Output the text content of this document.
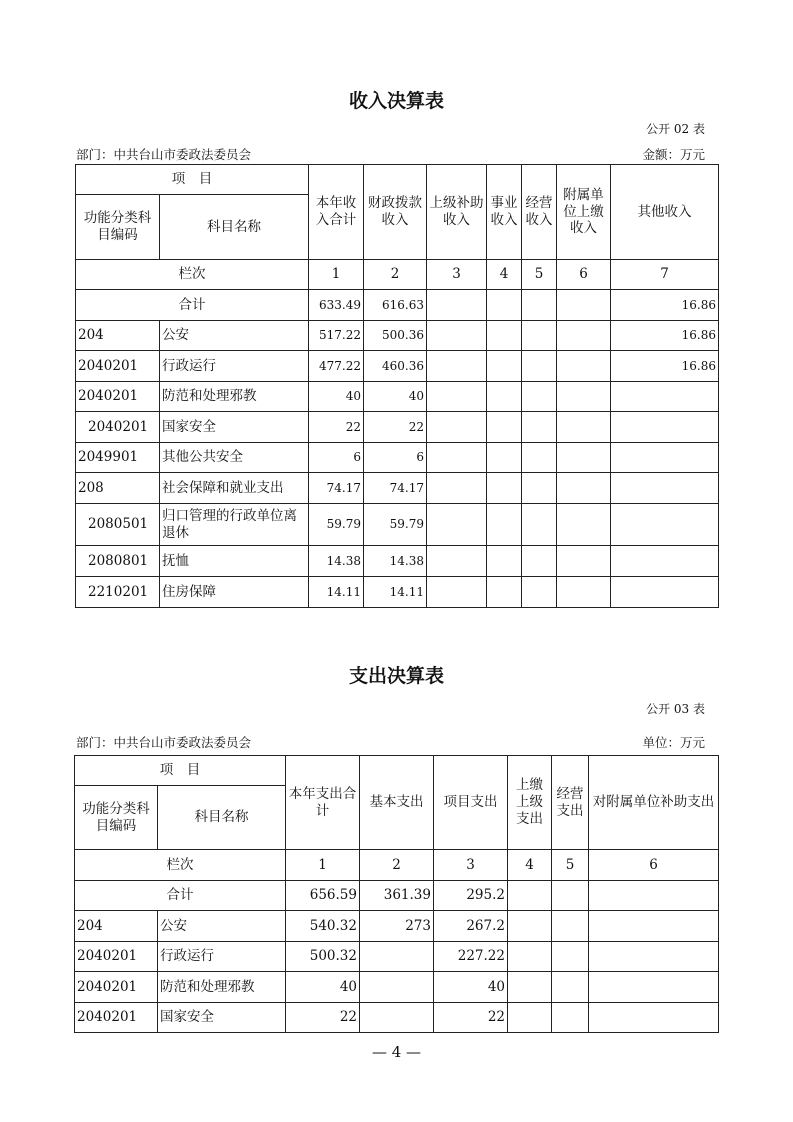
收入决算表
公开 02 表
部门：中共台山市委政法委员会	金额：万元
项　目		本年收入合计	财政拨款收入	上级补助收入	事业收入	经营收入	附属单位上缴收入	其他收入
功能分类科目编码	科目名称							
栏次		1	2	3	4	5	6	7
合计		633.49	616.63					16.86
204	公安	517.22	500.36					16.86
2040201	行政运行	477.22	460.36					16.86
2040201	防范和处理邪教	40	40					
2040201	国家安全	22	22					
2049901	其他公共安全	6	6					
208	社会保障和就业支出	74.17	74.17					
2080501	归口管理的行政单位离退休	59.79	59.79					
2080801	抚恤	14.38	14.38					
2210201	住房保障	14.11	14.11					
支出决算表
公开 03 表
部门：中共台山市委政法委员会	单位：万元
项　目		本年支出合计	基本支出	项目支出	上缴上级支出	经营支出	对附属单位补助支出
功能分类科目编码	科目名称						
栏次		1	2	3	4	5	6
合计		656.59	361.39	295.2			
204	公安	540.32	273	267.2			
2040201	行政运行	500.32		227.22			
2040201	防范和处理邪教	40		40			
2040201	国家安全	22		22			
— 4 —
